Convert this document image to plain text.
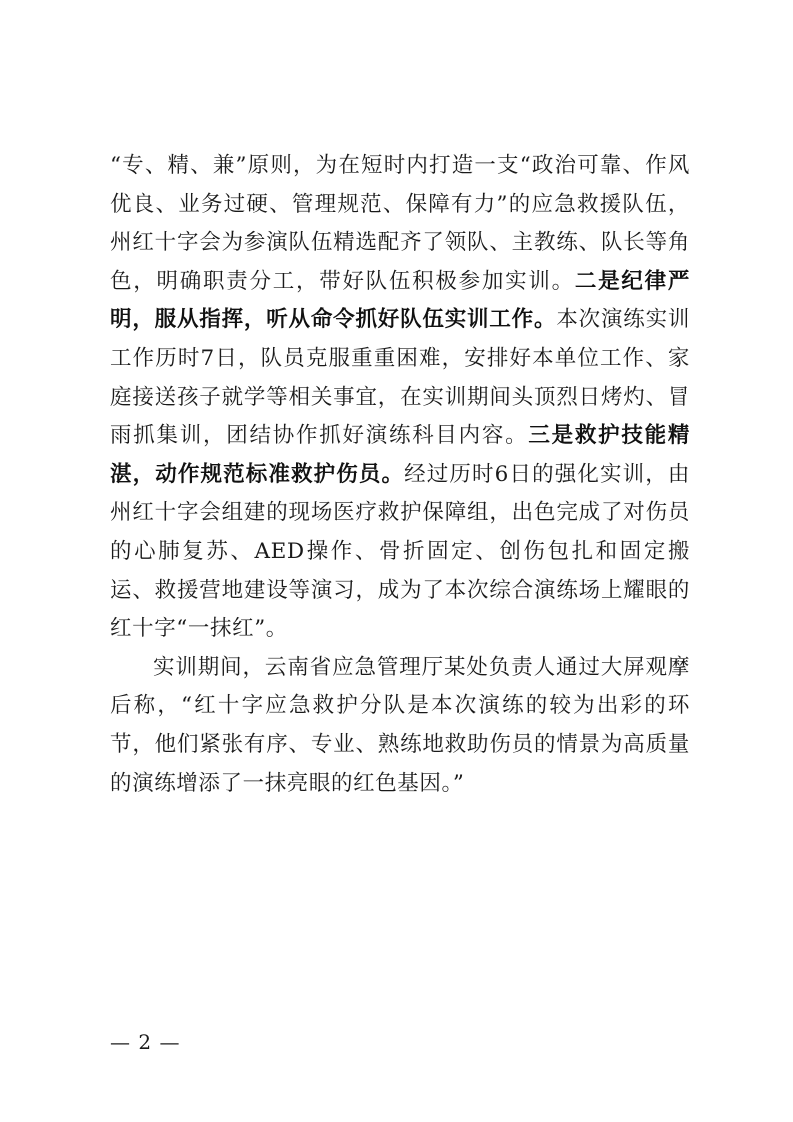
“专、精、兼”原则，为在短时内打造一支“政治可靠、作风优良、业务过硬、管理规范、保障有力”的应急救援队伍，州红十字会为参演队伍精选配齐了领队、主教练、队长等角色，明确职责分工，带好队伍积极参加实训。二是纪律严明，服从指挥，听从命令抓好队伍实训工作。本次演练实训工作历时7日，队员克服重重困难，安排好本单位工作、家庭接送孩子就学等相关事宜，在实训期间头顶烈日烤灼、冒雨抓集训，团结协作抓好演练科目内容。三是救护技能精湛，动作规范标准救护伤员。经过历时6日的强化实训，由州红十字会组建的现场医疗救护保障组，出色完成了对伤员的心肺复苏、AED操作、骨折固定、创伤包扎和固定搬运、救援营地建设等演习，成为了本次综合演练场上耀眼的红十字“一抹红”。

实训期间，云南省应急管理厅某处负责人通过大屏观摩后称，“红十字应急救护分队是本次演练的较为出彩的环节，他们紧张有序、专业、熟练地救助伤员的情景为高质量的演练增添了一抹亮眼的红色基因。”

— 2 —
